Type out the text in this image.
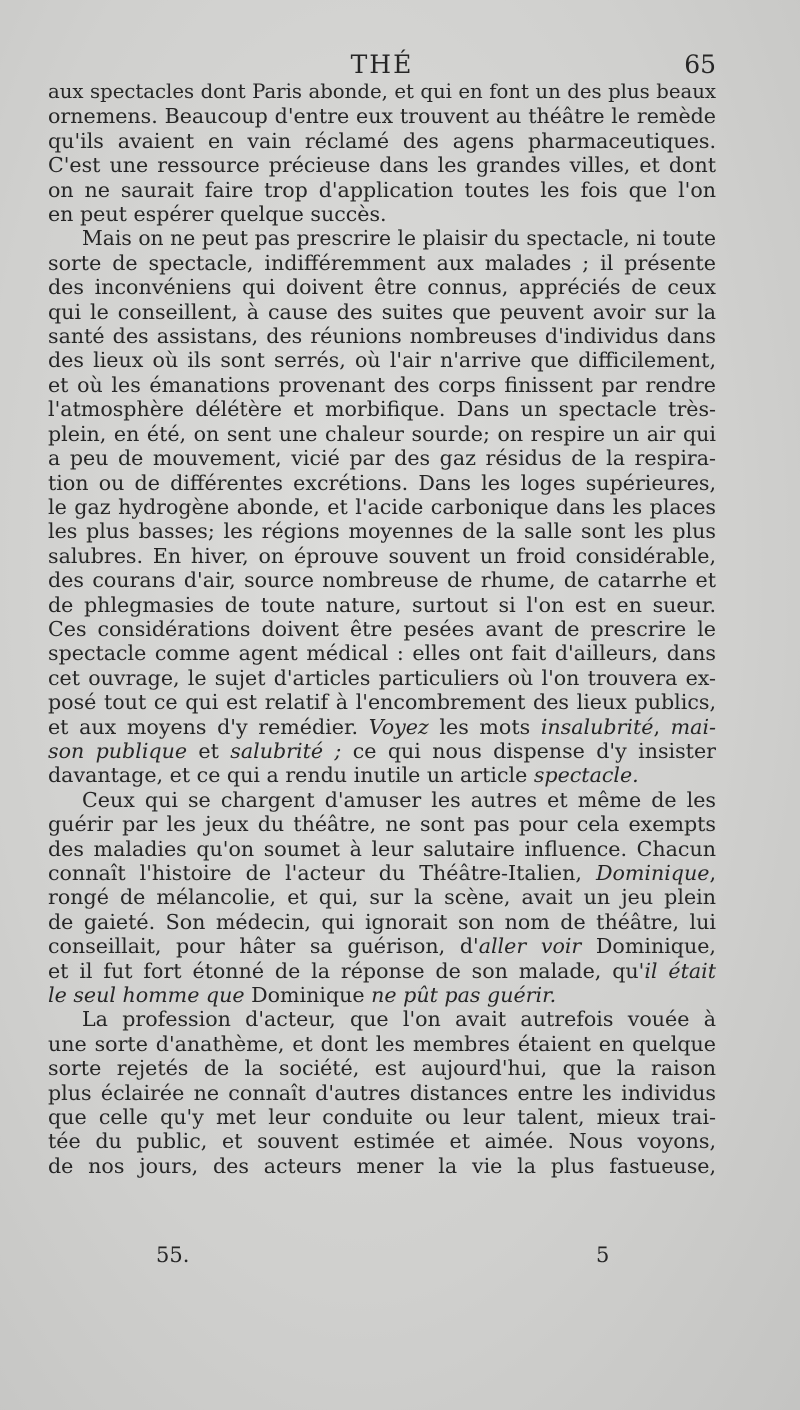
THÉ	65
aux spectacles dont Paris abonde, et qui en font un des plus beaux
ornemens. Beaucoup d'entre eux trouvent au théâtre le remède
qu'ils avaient en vain réclamé des agens pharmaceutiques.
C'est une ressource précieuse dans les grandes villes, et dont
on ne saurait faire trop d'application toutes les fois que l'on
en peut espérer quelque succès.
Mais on ne peut pas prescrire le plaisir du spectacle, ni toute
sorte de spectacle, indifféremment aux malades ; il présente
des inconvéniens qui doivent être connus, appréciés de ceux
qui le conseillent, à cause des suites que peuvent avoir sur la
santé des assistans, des réunions nombreuses d'individus dans
des lieux où ils sont serrés, où l'air n'arrive que difficilement,
et où les émanations provenant des corps finissent par rendre
l'atmosphère délétère et morbifique. Dans un spectacle très-
plein, en été, on sent une chaleur sourde; on respire un air qui
a peu de mouvement, vicié par des gaz résidus de la respira-
tion ou de différentes excrétions. Dans les loges supérieures,
le gaz hydrogène abonde, et l'acide carbonique dans les places
les plus basses; les régions moyennes de la salle sont les plus
salubres. En hiver, on éprouve souvent un froid considérable,
des courans d'air, source nombreuse de rhume, de catarrhe et
de phlegmasies de toute nature, surtout si l'on est en sueur.
Ces considérations doivent être pesées avant de prescrire le
spectacle comme agent médical : elles ont fait d'ailleurs, dans
cet ouvrage, le sujet d'articles particuliers où l'on trouvera ex-
posé tout ce qui est relatif à l'encombrement des lieux publics,
et aux moyens d'y remédier. Voyez les mots insalubrité, mai-
son publique et salubrité ; ce qui nous dispense d'y insister
davantage, et ce qui a rendu inutile un article spectacle.
Ceux qui se chargent d'amuser les autres et même de les
guérir par les jeux du théâtre, ne sont pas pour cela exempts
des maladies qu'on soumet à leur salutaire influence. Chacun
connaît l'histoire de l'acteur du Théâtre-Italien, Dominique,
rongé de mélancolie, et qui, sur la scène, avait un jeu plein
de gaieté. Son médecin, qui ignorait son nom de théâtre, lui
conseillait, pour hâter sa guérison, d'aller voir Dominique,
et il fut fort étonné de la réponse de son malade, qu'il était
le seul homme que Dominique ne pût pas guérir.
La profession d'acteur, que l'on avait autrefois vouée à
une sorte d'anathème, et dont les membres étaient en quelque
sorte rejetés de la société, est aujourd'hui, que la raison
plus éclairée ne connaît d'autres distances entre les individus
que celle qu'y met leur conduite ou leur talent, mieux trai-
tée du public, et souvent estimée et aimée. Nous voyons,
de nos jours, des acteurs mener la vie la plus fastueuse,
55.	5
